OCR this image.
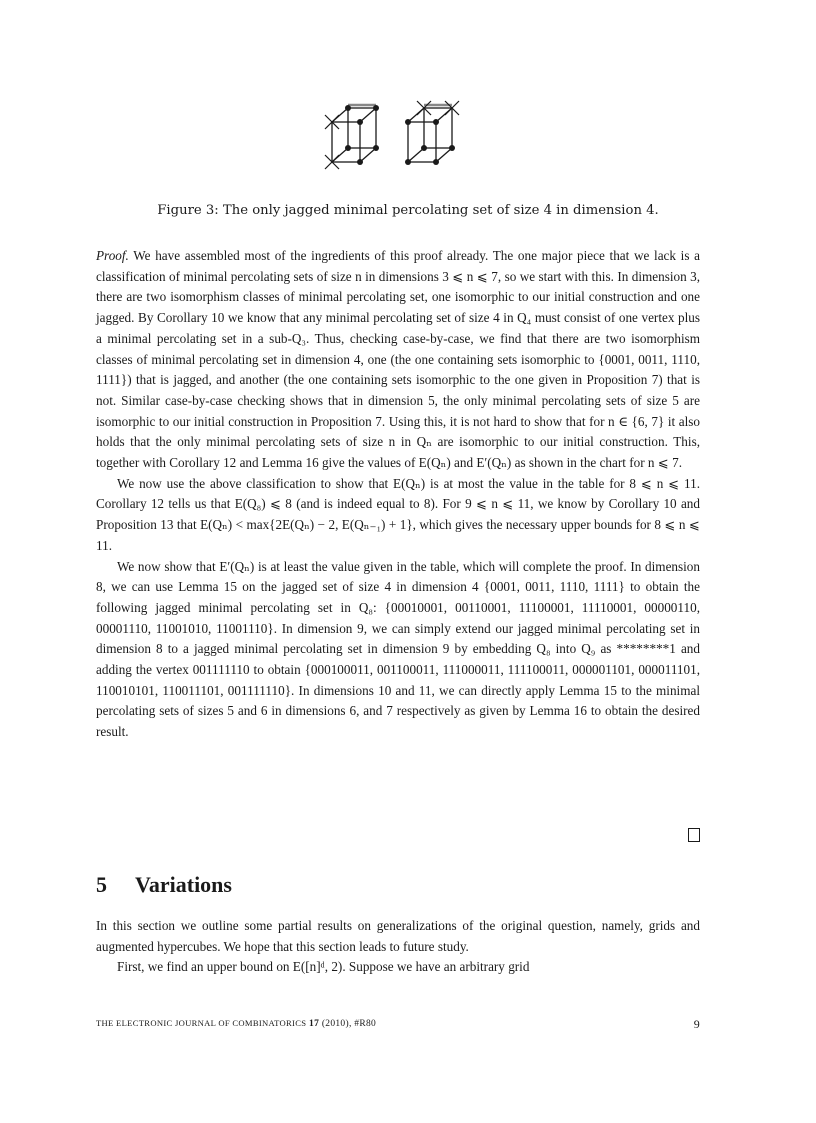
Figure 3: The only jagged minimal percolating set of size 4 in dimension 4.

Proof. We have assembled most of the ingredients of this proof already. The one major piece that we lack is a classification of minimal percolating sets of size n in dimensions 3 ⩽ n ⩽ 7, so we start with this. In dimension 3, there are two isomorphism classes of minimal percolating set, one isomorphic to our initial construction and one jagged. By Corollary 10 we know that any minimal percolating set of size 4 in Q₄ must consist of one vertex plus a minimal percolating set in a sub-Q₃. Thus, checking case-by-case, we find that there are two isomorphism classes of minimal percolating set in dimension 4, one (the one containing sets isomorphic to {0001, 0011, 1110, 1111}) that is jagged, and another (the one containing sets isomorphic to the one given in Proposition 7) that is not. Similar case-by-case checking shows that in dimension 5, the only minimal percolating sets of size 5 are isomorphic to our initial construction in Proposition 7. Using this, it is not hard to show that for n ∈ {6, 7} it also holds that the only minimal percolating sets of size n in Qₙ are isomorphic to our initial construction. This, together with Corollary 12 and Lemma 16 give the values of E(Qₙ) and E′(Qₙ) as shown in the chart for n ⩽ 7.

We now use the above classification to show that E(Qₙ) is at most the value in the table for 8 ⩽ n ⩽ 11. Corollary 12 tells us that E(Q₈) ⩽ 8 (and is indeed equal to 8). For 9 ⩽ n ⩽ 11, we know by Corollary 10 and Proposition 13 that E(Qₙ) < max{2E(Qₙ) − 2, E(Qₙ₋₁) + 1}, which gives the necessary upper bounds for 8 ⩽ n ⩽ 11.

We now show that E′(Qₙ) is at least the value given in the table, which will complete the proof. In dimension 8, we can use Lemma 15 on the jagged set of size 4 in dimension 4 {0001, 0011, 1110, 1111} to obtain the following jagged minimal percolating set in Q₈: {00010001, 00110001, 11100001, 11110001, 00000110, 00001110, 11001010, 11001110}. In dimension 9, we can simply extend our jagged minimal percolating set in dimension 8 to a jagged minimal percolating set in dimension 9 by embedding Q₈ into Q₉ as ********1 and adding the vertex 001111110 to obtain {000100011, 001100011, 111000011, 111100011, 000001101, 000011101, 110010101, 110011101, 001111110}. In dimensions 10 and 11, we can directly apply Lemma 15 to the minimal percolating sets of sizes 5 and 6 in dimensions 6, and 7 respectively as given by Lemma 16 to obtain the desired result.

5 Variations

In this section we outline some partial results on generalizations of the original question, namely, grids and augmented hypercubes. We hope that this section leads to future study.

First, we find an upper bound on E([n]ᵈ, 2). Suppose we have an arbitrary grid

THE ELECTRONIC JOURNAL OF COMBINATORICS 17 (2010), #R80	9
